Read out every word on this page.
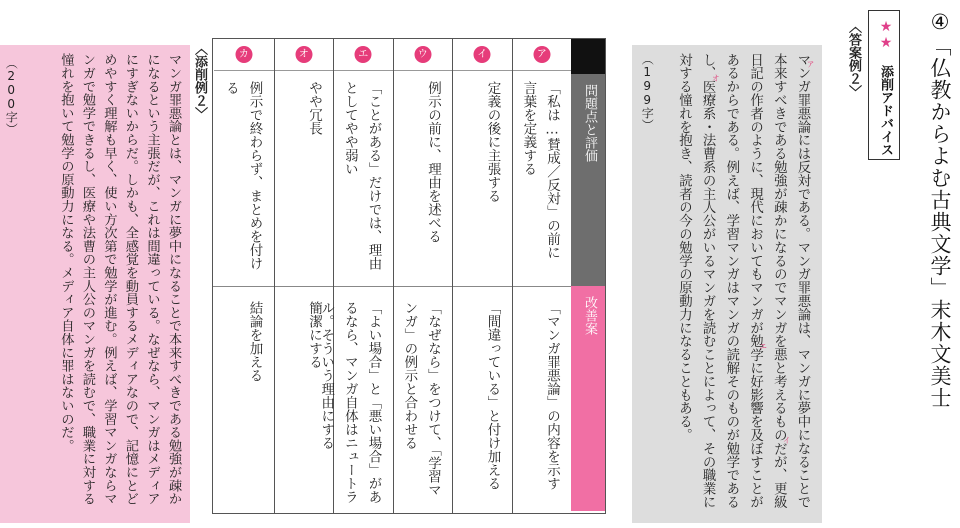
④「仏教からよむ古典文学」末木文美士
★★
添削アドバイス
〈答案例２〉
マン アガ罪悪論には反対である。マンガ罪悪論は、マンガに夢中になることで本来すべきである勉強が疎かになるのでマンガを悪と考えるものだ イが、更級日記の作者のように、現代においてもマンガが勉学 エに好影響を及ぼすことがあるからである。例えば、学習マンガはマンガの読解そのものが勉学であるし、医 オ療系・法曹系の主人公がいるマンガを読むことによって、その職業に対する憧れを抱き、読者の今の勉学の原動力になることもある。
（199字）
問題点と評価
改善案
ア
「私は…賛成／反対」の前に言葉を定義する
「マンガ罪悪論」の内容を示す
イ
定義の後に主張する
「間違っている」と付け加える
ウ
例示の前に、理由を述べる
「なぜなら」をつけて、「学習マンガ」の例示と合わせる
エ
「ことがある」だけでは、理由としてやや弱い
「よい場合」と「悪い場合」があるなら、マンガ自体はニュートラル。そういう理由にする
オ
やや冗長
簡潔にする
カ
例示で終わらず、まとめを付ける
結論を加える
〈添削例２〉
マンガ罪悪論とは、マンガに夢中になることで本来すべきである勉強が疎かになるという主張だが、これは間違っている。なぜなら、マンガはメディアにすぎないからだ。しかも、全感覚を動員するメディアなので、記憶にとどめやすく理解も早く、使い方次第で勉学が進む。例えば、学習マンガならマンガで勉学できるし、医療や法曹の主人公のマンガを読むで、職業に対する憧れを抱いて勉学の原動力になる。メディア自体に罪はないのだ。
（200字）
